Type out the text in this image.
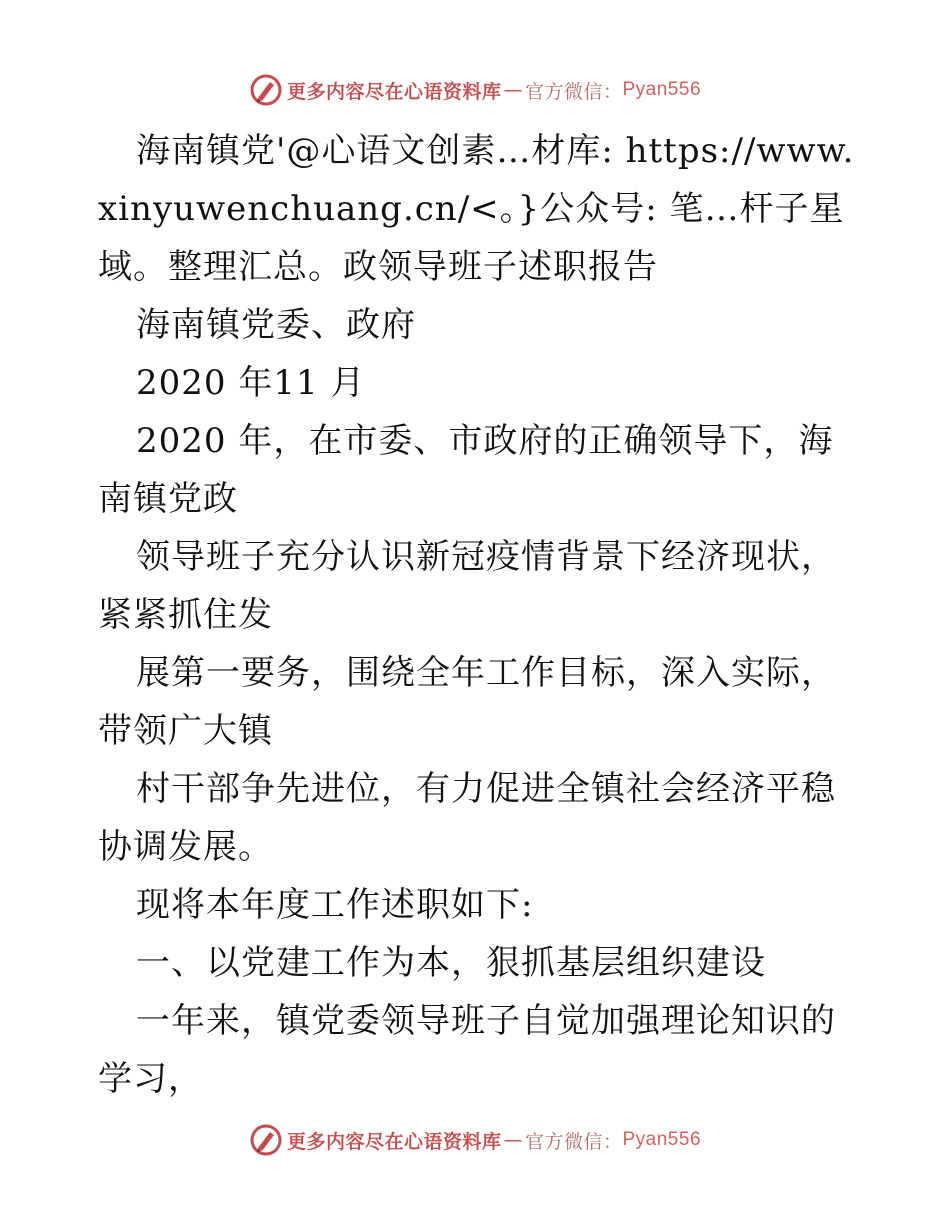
更多内容尽在心语资料库 — 官方微信： Pyan556

海南镇党'@心语文创素…材库: https://www.xinyuwenchuang.cn/<。}公众号: 笔…杆子星域。整理汇总。政领导班子述职报告

海南镇党委、政府

2020 年11 月

2020 年，在市委、市政府的正确领导下，海南镇党政

领导班子充分认识新冠疫情背景下经济现状，紧紧抓住发

展第一要务，围绕全年工作目标，深入实际，带领广大镇

村干部争先进位，有力促进全镇社会经济平稳协调发展。

现将本年度工作述职如下:

一、以党建工作为本，狠抓基层组织建设

一年来，镇党委领导班子自觉加强理论知识的学习，

更多内容尽在心语资料库 — 官方微信： Pyan556
